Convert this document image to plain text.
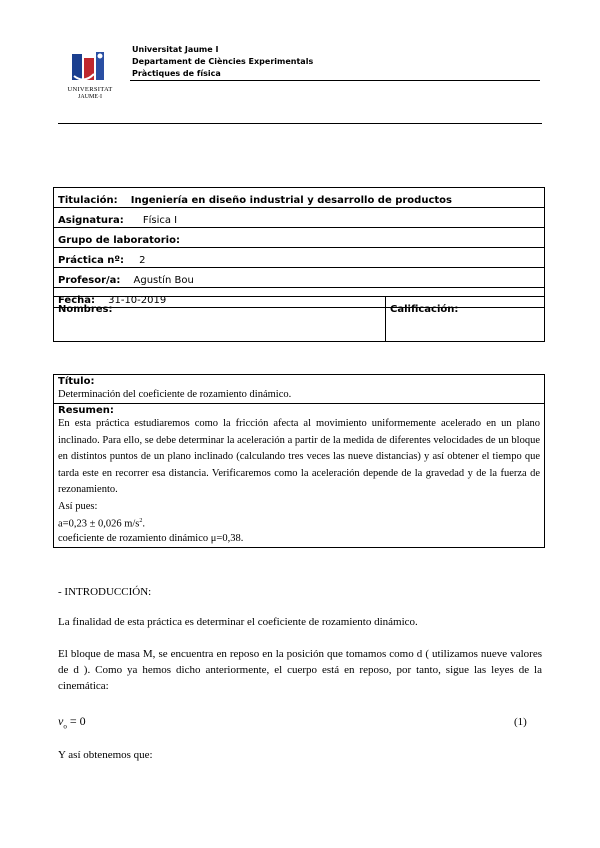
UNIVERSITAT
JAUME·I
Universitat Jaume I
Departament de Ciències Experimentals
Pràctiques de física
Titulación: Ingeniería en diseño industrial y desarrollo de productos
Asignatura: Física I
Grupo de laboratorio:
Práctica nº: 2
Profesor/a: Agustín Bou
Fecha: 31-10-2019
Nombres:	Calificación:
Título:
Determinación del coeficiente de rozamiento dinámico.

Resumen:
En esta práctica estudiaremos como la fricción afecta al movimiento uniformemente acelerado en un plano inclinado. Para ello, se debe determinar la aceleración a partir de la medida de diferentes velocidades de un bloque en distintos puntos de un plano inclinado (calculando tres veces las nueve distancias) y así obtener el tiempo que tarda este en recorrer esa distancia. Verificaremos como la aceleración depende de la gravedad y de la fuerza de rezonamiento.
Así pues:
a=0,23 ± 0,026 $m/s^2$.
coeficiente de rozamiento dinámico μ=0,38.
- INTRODUCCIÓN:
La finalidad de esta práctica es determinar el coeficiente de rozamiento dinámico.
El bloque de masa M, se encuentra en reposo en la posición que tomamos como d ( utilizamos nueve valores de d ). Como ya hemos dicho anteriormente, el cuerpo está en reposo, por tanto, sigue las leyes de la cinemática:
$v_o = 0$	(1)
Y así obtenemos que:
